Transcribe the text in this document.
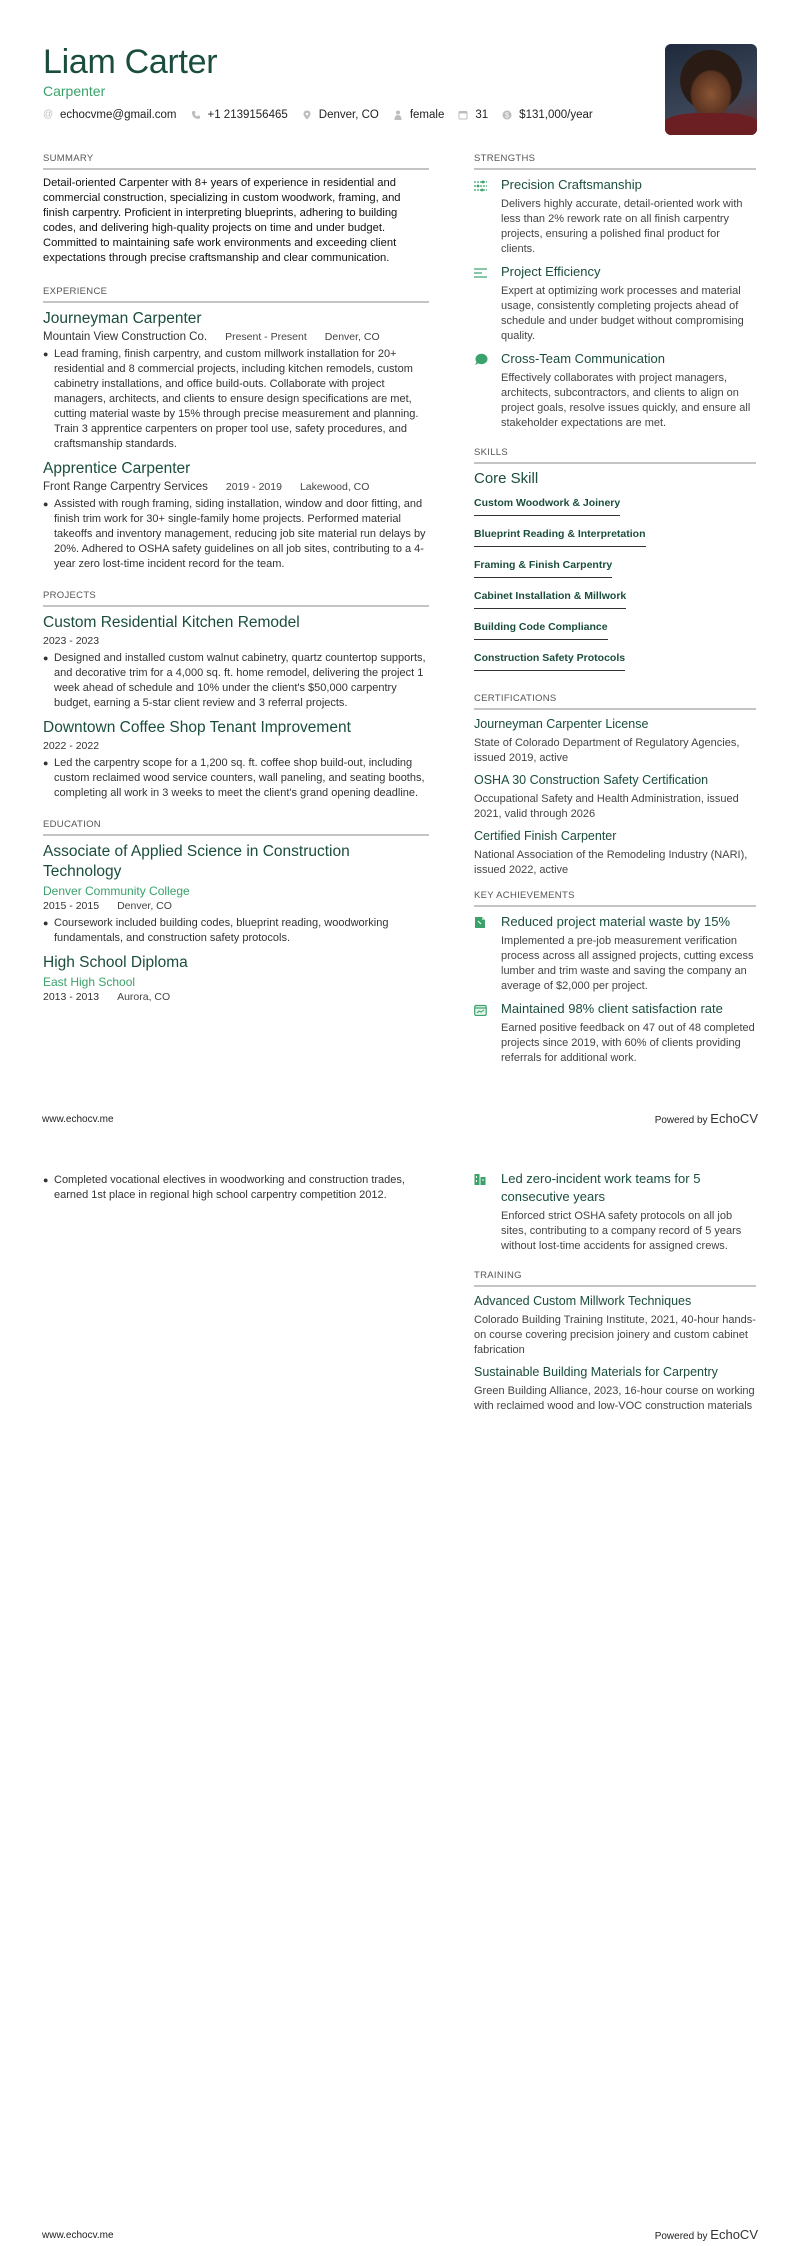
Liam Carter
Carpenter
@ echocvme@gmail.com	+1 2139156465	Denver, CO	female	31 $ $131,000/year
SUMMARY

Detail-oriented Carpenter with 8+ years of experience in residential and commercial construction, specializing in custom woodwork, framing, and finish carpentry. Proficient in interpreting blueprints, adhering to building codes, and delivering high-quality projects on time and under budget. Committed to maintaining safe work environments and exceeding client expectations through precise craftsmanship and clear communication.

EXPERIENCE
Journeyman Carpenter
Mountain View Construction Co. Present - Present Denver, CO
● Lead framing, finish carpentry, and custom millwork installation for 20+ residential and 8 commercial projects, including kitchen remodels, custom cabinetry installations, and office build-outs. Collaborate with project managers, architects, and clients to ensure design specifications are met, cutting material waste by 15% through precise measurement and planning. Train 3 apprentice carpenters on proper tool use, safety procedures, and craftsmanship standards.
Apprentice Carpenter
Front Range Carpentry Services 2019 - 2019 Lakewood, CO
● Assisted with rough framing, siding installation, window and door fitting, and finish trim work for 30+ single-family home projects. Performed material takeoffs and inventory management, reducing job site material run delays by 20%. Adhered to OSHA safety guidelines on all job sites, contributing to a 4-year zero lost-time incident record for the team.
PROJECTS
Custom Residential Kitchen Remodel
2023 - 2023
● Designed and installed custom walnut cabinetry, quartz countertop supports, and decorative trim for a 4,000 sq. ft. home remodel, delivering the project 1 week ahead of schedule and 10% under the client's $50,000 carpentry budget, earning a 5-star client review and 3 referral projects.
Downtown Coffee Shop Tenant Improvement
2022 - 2022
● Led the carpentry scope for a 1,200 sq. ft. coffee shop build-out, including custom reclaimed wood service counters, wall paneling, and seating booths, completing all work in 3 weeks to meet the client's grand opening deadline.
EDUCATION
Associate of Applied Science in Construction Technology
Denver Community College
2015 - 2015 Denver, CO
● Coursework included building codes, blueprint reading, woodworking fundamentals, and construction safety protocols.
High School Diploma
East High School
2013 - 2013 Aurora, CO
STRENGTHS
Precision Craftsmanship
Delivers highly accurate, detail-oriented work with less than 2% rework rate on all finish carpentry projects, ensuring a polished final product for clients.
Project Efficiency
Expert at optimizing work processes and material usage, consistently completing projects ahead of schedule and under budget without compromising quality.
Cross-Team Communication
Effectively collaborates with project managers, architects, subcontractors, and clients to align on project goals, resolve issues quickly, and ensure all stakeholder expectations are met.
SKILLS
Core Skill
Custom Woodwork & Joinery
Blueprint Reading & Interpretation
Framing & Finish Carpentry
Cabinet Installation & Millwork
Building Code Compliance
Construction Safety Protocols
CERTIFICATIONS
Journeyman Carpenter License
State of Colorado Department of Regulatory Agencies, issued 2019, active
OSHA 30 Construction Safety Certification
Occupational Safety and Health Administration, issued 2021, valid through 2026
Certified Finish Carpenter
National Association of the Remodeling Industry (NARI), issued 2022, active
KEY ACHIEVEMENTS
Reduced project material waste by 15%
Implemented a pre-job measurement verification process across all assigned projects, cutting excess lumber and trim waste and saving the company an average of $2,000 per project.
Maintained 98% client satisfaction rate
Earned positive feedback on 47 out of 48 completed projects since 2019, with 60% of clients providing referrals for additional work.
www.echocv.me	Powered by EchoCV
● Completed vocational electives in woodworking and construction trades, earned 1st place in regional high school carpentry competition 2012.
Led zero-incident work teams for 5 consecutive years
Enforced strict OSHA safety protocols on all job sites, contributing to a company record of 5 years without lost-time accidents for assigned crews.
TRAINING
Advanced Custom Millwork Techniques
Colorado Building Training Institute, 2021, 40-hour hands-on course covering precision joinery and custom cabinet fabrication
Sustainable Building Materials for Carpentry
Green Building Alliance, 2023, 16-hour course on working with reclaimed wood and low-VOC construction materials
www.echocv.me	Powered by EchoCV
